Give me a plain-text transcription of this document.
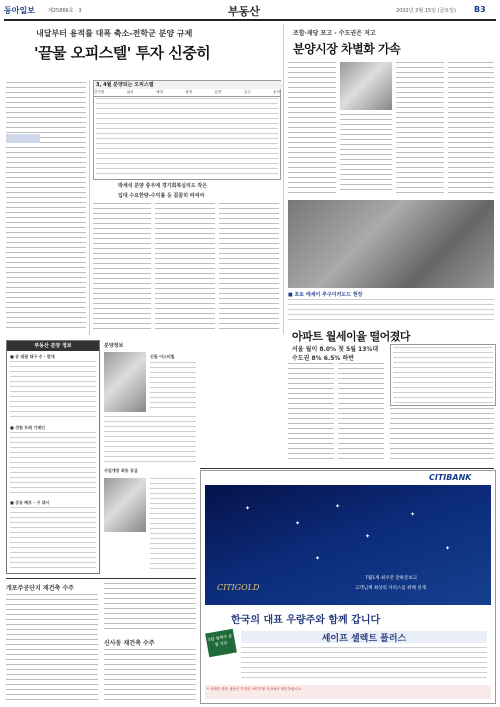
동아일보	제25866호 · 3	부동산	2002년 3월 15일 (금요일) B3
내달부터 용적률 대폭 축소-전학군 분양 규제
'끝물 오피스텔' 투자 신중히
3, 4월 분양되는 오피스텔
단지명	위치	세대	평형	분양	입주	문의
박세석 분양 중우에 경기회복심리도 작은
입대 수요한량-수익률 등 꼼꼼히 따져야
조합·재당 포고 - 수도권은 저고
분양시장 차별화 가속
■ 포토 에세이 추구이커도드 현장
아파트 월세이율 떨어졌다
서울 월이 8.0% 첫 5월 13%대
수도권 8% 6.5% 하반
CITIBANK
✦
✦
✦
✦
✦
✦
✦
CITIGOLD
7월1세 최수잔 달하문보고
고객님께 최상의 서비스를 위해 설계
한국의 대표 우량주와 함께 갑니다
3월 철째주 분할 정보	세이프 셀렉트 플러스
* 자세한 상품 내용은 가까운 씨티은행 지점에서 확인하십시오.
부동산 분양 정보
■ 공 대림 대구 수 · 편개
■ 성원 트레 기제인
■ 상공 베트 · 구 대시
분양정보
신림 이스터빌
사업개장 최동 공급
개포주공단지 재건축 수주
신사동 재건축 수주
